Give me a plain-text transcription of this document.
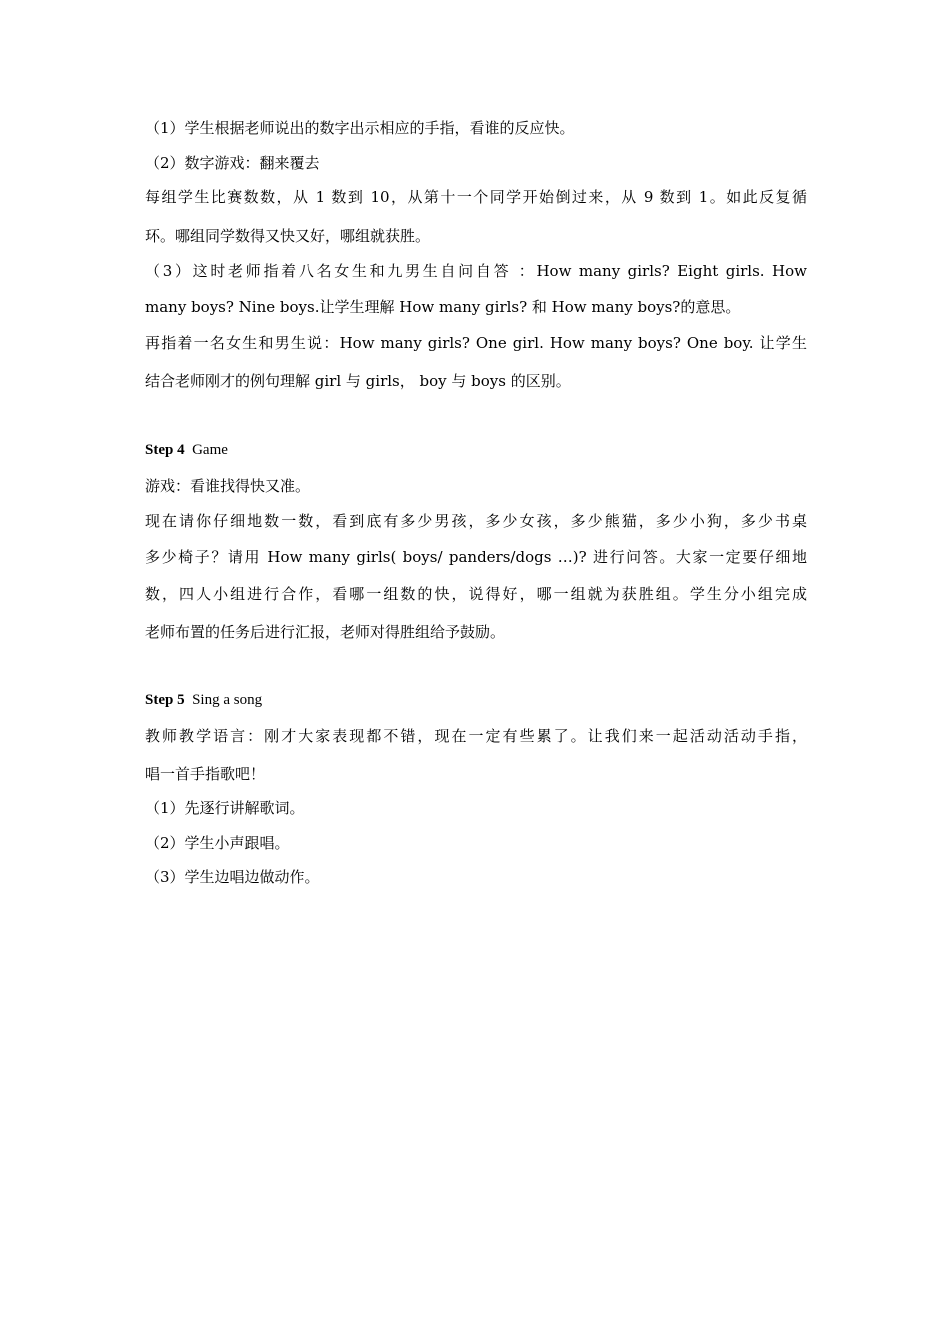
（1）学生根据老师说出的数字出示相应的手指，看谁的反应快。
（2）数字游戏：翻来覆去
每组学生比赛数数，从 1 数到 10，从第十一个同学开始倒过来，从 9 数到 1。如此反复循
环。哪组同学数得又快又好，哪组就获胜。
（3）这时老师指着八名女生和九男生自问自答 ：How many girls? Eight girls. How
many boys? Nine boys.让学生理解 How many girls? 和 How many boys?的意思。
再指着一名女生和男生说：How many girls? One girl. How many boys? One boy. 让学生
结合老师刚才的例句理解 girl 与 girls， boy 与 boys 的区别。
Step 4 Game
游戏：看谁找得快又准。
现在请你仔细地数一数，看到底有多少男孩，多少女孩，多少熊猫，多少小狗，多少书桌
多少椅子？请用 How many girls( boys/ panders/dogs …)? 进行问答。大家一定要仔细地
数，四人小组进行合作，看哪一组数的快，说得好，哪一组就为获胜组。学生分小组完成
老师布置的任务后进行汇报，老师对得胜组给予鼓励。
Step 5 Sing a song
教师教学语言：刚才大家表现都不错，现在一定有些累了。让我们来一起活动活动手指，
唱一首手指歌吧！
（1）先逐行讲解歌词。
（2）学生小声跟唱。
（3）学生边唱边做动作。
